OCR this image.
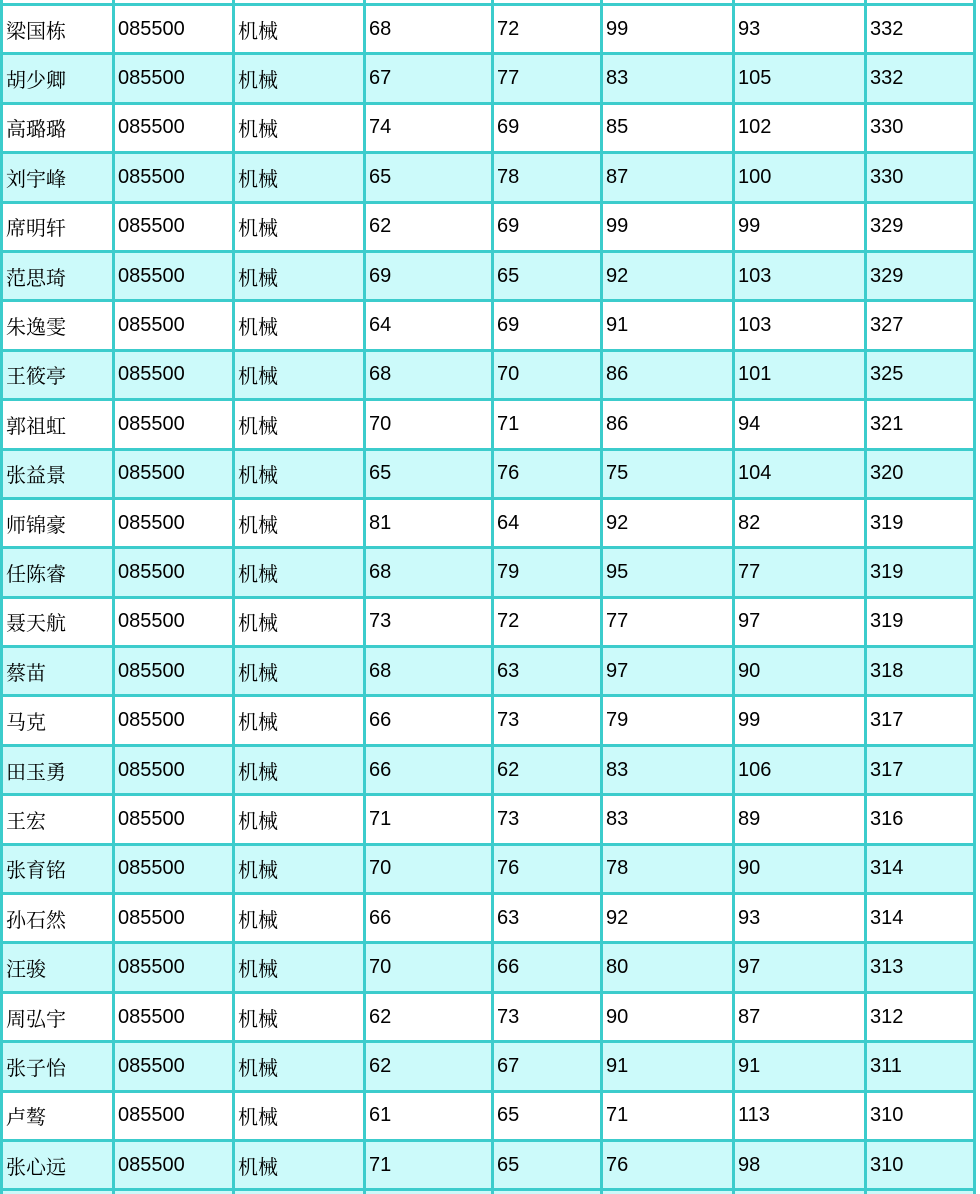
梁国栋	085500	机械	68	72	99	93	332
胡少卿	085500	机械	67	77	83	105	332
高璐璐	085500	机械	74	69	85	102	330
刘宇峰	085500	机械	65	78	87	100	330
席明轩	085500	机械	62	69	99	99	329
范思琦	085500	机械	69	65	92	103	329
朱逸雯	085500	机械	64	69	91	103	327
王筱亭	085500	机械	68	70	86	101	325
郭祖虹	085500	机械	70	71	86	94	321
张益景	085500	机械	65	76	75	104	320
师锦豪	085500	机械	81	64	92	82	319
任陈睿	085500	机械	68	79	95	77	319
聂天航	085500	机械	73	72	77	97	319
蔡苗	085500	机械	68	63	97	90	318
马克	085500	机械	66	73	79	99	317
田玉勇	085500	机械	66	62	83	106	317
王宏	085500	机械	71	73	83	89	316
张育铭	085500	机械	70	76	78	90	314
孙石然	085500	机械	66	63	92	93	314
汪骏	085500	机械	70	66	80	97	313
周弘宇	085500	机械	62	73	90	87	312
张子怡	085500	机械	62	67	91	91	311
卢骜	085500	机械	61	65	71	113	310
张心远	085500	机械	71	65	76	98	310
